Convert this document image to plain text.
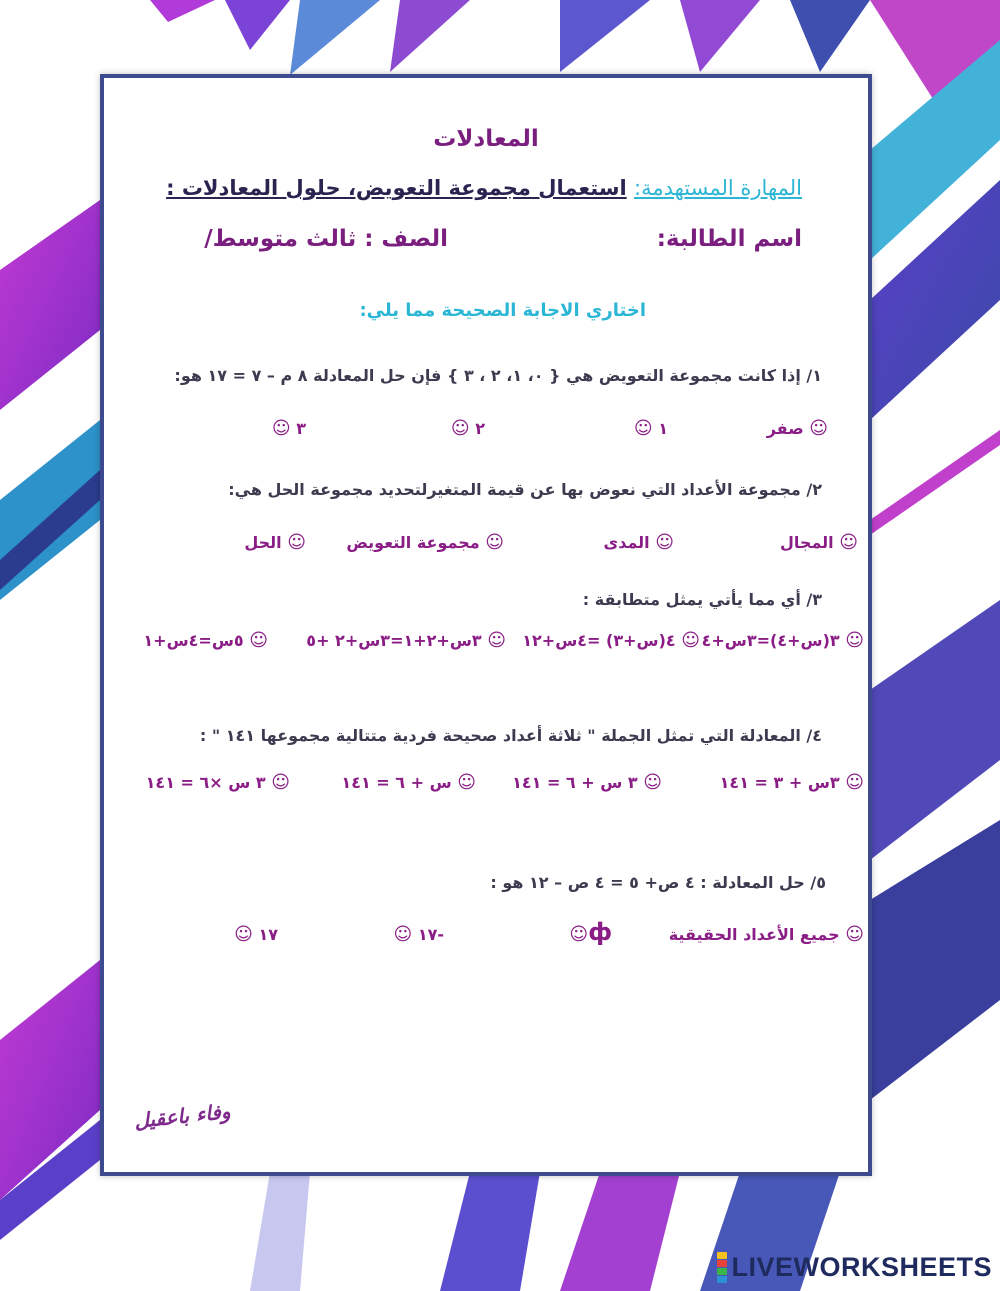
المعادلات
المهارة المستهدمة: استعمال مجموعة التعويض، حلول المعادلات :
اسم الطالبة:
الصف : ثالث متوسط/
اختاري الاجابة الصحيحة مما يلي:
١/ إذا كانت مجموعة التعويض هي { ٠، ١، ٢ ، ٣ } فإن حل المعادلة ٨ م – ٧ = ١٧ هو:
☺ صفر
☺ ١
☺ ٢
☺ ٣
٢/ مجموعة الأعداد التي نعوض بها عن قيمة المتغيرلتحديد مجموعة الحل هي:
☺ المجال
☺ المدى
☺ مجموعة التعويض
☺ الحل
٣/ أي مما يأتي يمثل متطابقة :
☺ ٣(س+٤)=٣س+٤
☺ ٤(س+٣) =٤س+١٢
☺ ٣س+٢+١=٣س+٢ +٥
☺ ٥س=٤س+١
٤/ المعادلة التي تمثل الجملة " ثلاثة أعداد صحيحة فردية متتالية مجموعها ١٤١ " :
☺ ٣س + ٣ = ١٤١
☺ ٣ س + ٦ = ١٤١
☺ س + ٦ = ١٤١
☺ ٣ س ×٦ = ١٤١
٥/ حل المعادلة : ٤ ص+ ٥ = ٤ ص – ١٢ هو :
☺ جميع الأعداد الحقيقية
☺ф
☺ ١٧-
☺ ١٧
وفاء باعقيل
LIVEWORKSHEETS
